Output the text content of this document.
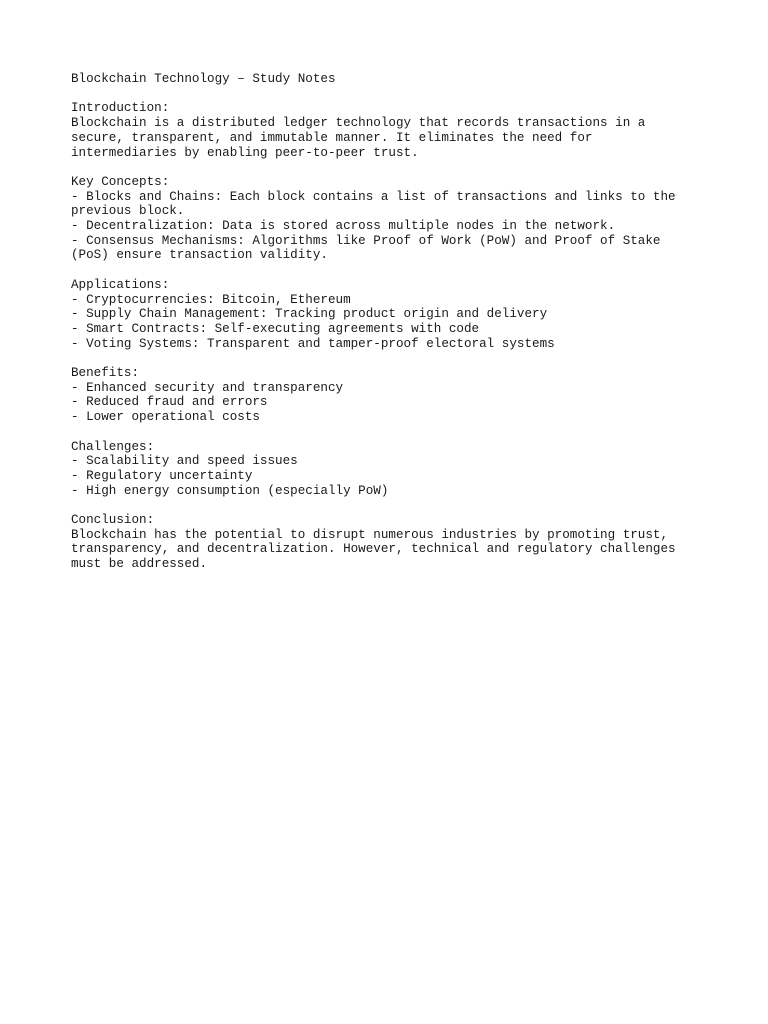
Blockchain Technology – Study Notes
Introduction:
Blockchain is a distributed ledger technology that records transactions in a
secure, transparent, and immutable manner. It eliminates the need for
intermediaries by enabling peer-to-peer trust.
Key Concepts:
- Blocks and Chains: Each block contains a list of transactions and links to the
previous block.
- Decentralization: Data is stored across multiple nodes in the network.
- Consensus Mechanisms: Algorithms like Proof of Work (PoW) and Proof of Stake
(PoS) ensure transaction validity.
Applications:
- Cryptocurrencies: Bitcoin, Ethereum
- Supply Chain Management: Tracking product origin and delivery
- Smart Contracts: Self-executing agreements with code
- Voting Systems: Transparent and tamper-proof electoral systems
Benefits:
- Enhanced security and transparency
- Reduced fraud and errors
- Lower operational costs
Challenges:
- Scalability and speed issues
- Regulatory uncertainty
- High energy consumption (especially PoW)
Conclusion:
Blockchain has the potential to disrupt numerous industries by promoting trust,
transparency, and decentralization. However, technical and regulatory challenges
must be addressed.
